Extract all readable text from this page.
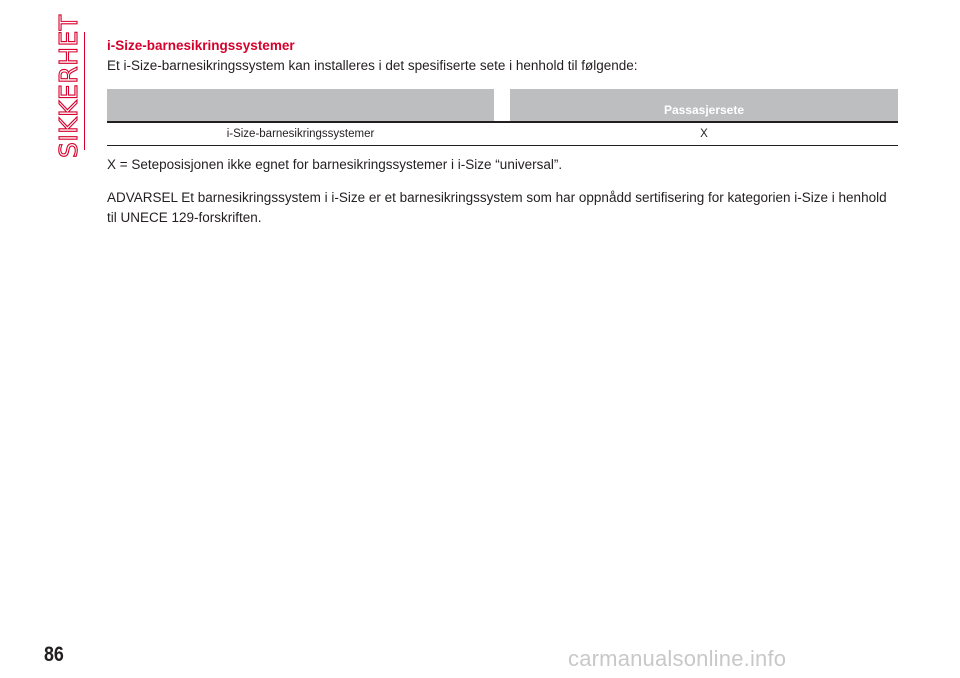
SIKKERHET i-Size-barnesikringssystemer
Et i-Size-barnesikringssystem kan installeres i det spesifiserte sete i henhold til følgende:
Passasjersete
i-Size-barnesikringssystemer	X
X = Seteposisjonen ikke egnet for barnesikringssystemer i i-Size “universal”.
ADVARSEL Et barnesikringssystem i i-Size er et barnesikringssystem som har oppnådd sertifisering for kategorien i-Size i henhold til UNECE 129-forskriften.
86	carmanualsonline.info
